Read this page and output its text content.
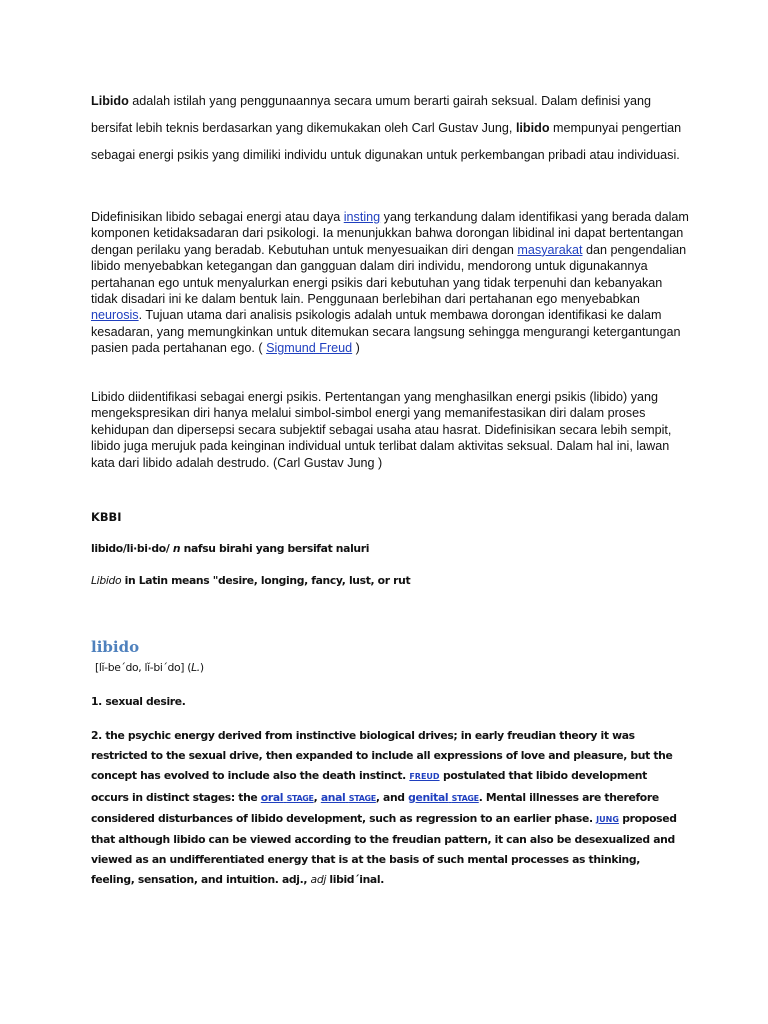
Libido adalah istilah yang penggunaannya secara umum berarti gairah seksual. Dalam definisi yang bersifat lebih teknis berdasarkan yang dikemukakan oleh Carl Gustav Jung, libido mempunyai pengertian sebagai energi psikis yang dimiliki individu untuk digunakan untuk perkembangan pribadi atau individuasi.

Didefinisikan libido sebagai energi atau daya insting yang terkandung dalam identifikasi yang berada dalam komponen ketidaksadaran dari psikologi. Ia menunjukkan bahwa dorongan libidinal ini dapat bertentangan dengan perilaku yang beradab. Kebutuhan untuk menyesuaikan diri dengan masyarakat dan pengendalian libido menyebabkan ketegangan dan gangguan dalam diri individu, mendorong untuk digunakannya pertahanan ego untuk menyalurkan energi psikis dari kebutuhan yang tidak terpenuhi dan kebanyakan tidak disadari ini ke dalam bentuk lain. Penggunaan berlebihan dari pertahanan ego menyebabkan neurosis. Tujuan utama dari analisis psikologis adalah untuk membawa dorongan identifikasi ke dalam kesadaran, yang memungkinkan untuk ditemukan secara langsung sehingga mengurangi ketergantungan pasien pada pertahanan ego. ( Sigmund Freud )

Libido diidentifikasi sebagai energi psikis. Pertentangan yang menghasilkan energi psikis (libido) yang mengekspresikan diri hanya melalui simbol-simbol energi yang memanifestasikan diri dalam proses kehidupan dan dipersepsi secara subjektif sebagai usaha atau hasrat. Didefinisikan secara lebih sempit, libido juga merujuk pada keinginan individual untuk terlibat dalam aktivitas seksual. Dalam hal ini, lawan kata dari libido adalah destrudo. (Carl Gustav Jung )

KBBI

libido/li·bi·do/ n nafsu birahi yang bersifat naluri

Libido in Latin means "desire, longing, fancy, lust, or rut

libido

[lĭ-be´do, lĭ-bi´do] (L.)

1. sexual desire.

2. the psychic energy derived from instinctive biological drives; in early freudian theory it was restricted to the sexual drive, then expanded to include all expressions of love and pleasure, but the concept has evolved to include also the death instinct. FREUD postulated that libido development occurs in distinct stages: the oral STAGE, anal STAGE, and genital STAGE. Mental illnesses are therefore considered disturbances of libido development, such as regression to an earlier phase. JUNG proposed that although libido can be viewed according to the freudian pattern, it can also be desexualized and viewed as an undifferentiated energy that is at the basis of such mental processes as thinking, feeling, sensation, and intuition. adj., adj libid´inal.
